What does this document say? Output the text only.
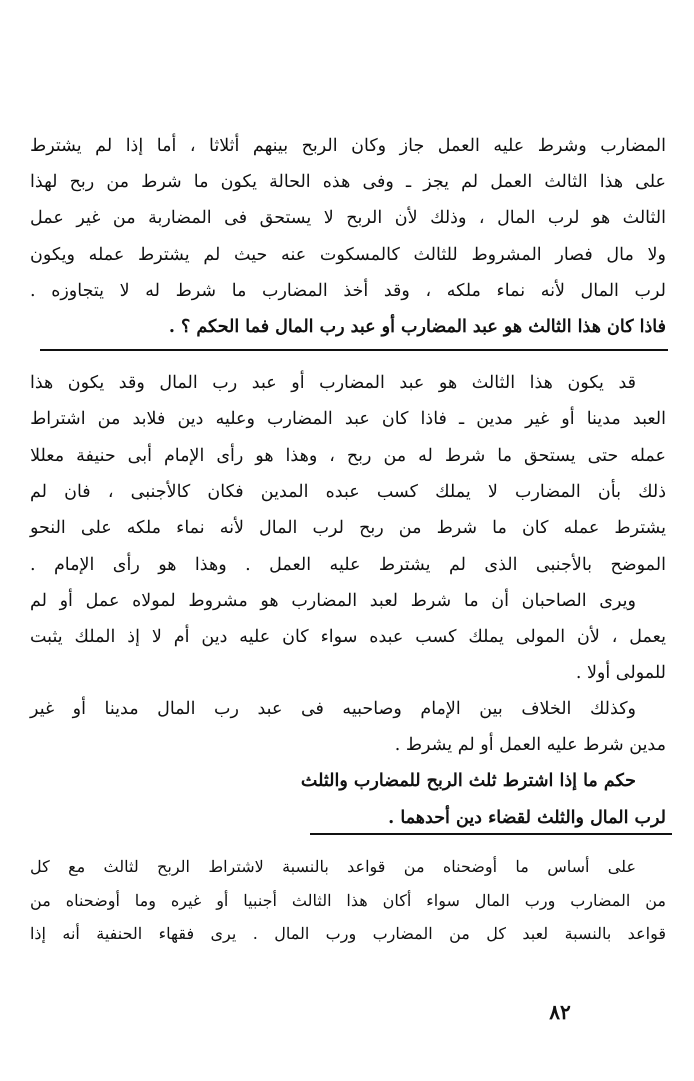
المضارب وشرط عليه العمل جاز وكان الربح بينهم أثلاثا ، أما إذا لم يشترط
على هذا الثالث العمل لم يجز ـ وفى هذه الحالة يكون ما شرط من ربح لهذا
الثالث هو لرب المال ، وذلك لأن الربح لا يستحق فى المضاربة من غير عمل
ولا مال فصار المشروط للثالث كالمسكوت عنه حيث لم يشترط عمله ويكون
لرب المال لأنه نماء ملكه ، وقد أخذ المضارب ما شرط له لا يتجاوزه .
فاذا كان هذا الثالث هو عبد المضارب أو عبد رب المال فما الحكم ؟ .
قد يكون هذا الثالث هو عبد المضارب أو عبد رب المال وقد يكون هذا
العبد مدينا أو غير مدين ـ فاذا كان عبد المضارب وعليه دين فلابد من اشتراط
عمله حتى يستحق ما شرط له من ربح ، وهذا هو رأى الإمام أبى حنيفة معللا
ذلك بأن المضارب لا يملك كسب عبده المدين فكان كالأجنبى ، فان لم
يشترط عمله كان ما شرط من ربح لرب المال لأنه نماء ملكه على النحو
الموضح بالأجنبى الذى لم يشترط عليه العمل . وهذا هو رأى الإمام .
ويرى الصاحبان أن ما شرط لعبد المضارب هو مشروط لمولاه عمل أو لم
يعمل ، لأن المولى يملك كسب عبده سواء كان عليه دين أم لا إذ الملك يثبت
للمولى أولا .
وكذلك الخلاف بين الإمام وصاحبيه فى عبد رب المال مدينا أو غير
مدين شرط عليه العمل أو لم يشرط .
حكم ما إذا اشترط ثلث الربح للمضارب والثلث
لرب المال والثلث لقضاء دين أحدهما .
على أساس ما أوضحناه من قواعد بالنسبة لاشتراط الربح لثالث مع كل
من المضارب ورب المال سواء أكان هذا الثالث أجنبيا أو غيره وما أوضحناه من
قواعد بالنسبة لعبد كل من المضارب ورب المال . يرى فقهاء الحنفية أنه إذا
٨٢
